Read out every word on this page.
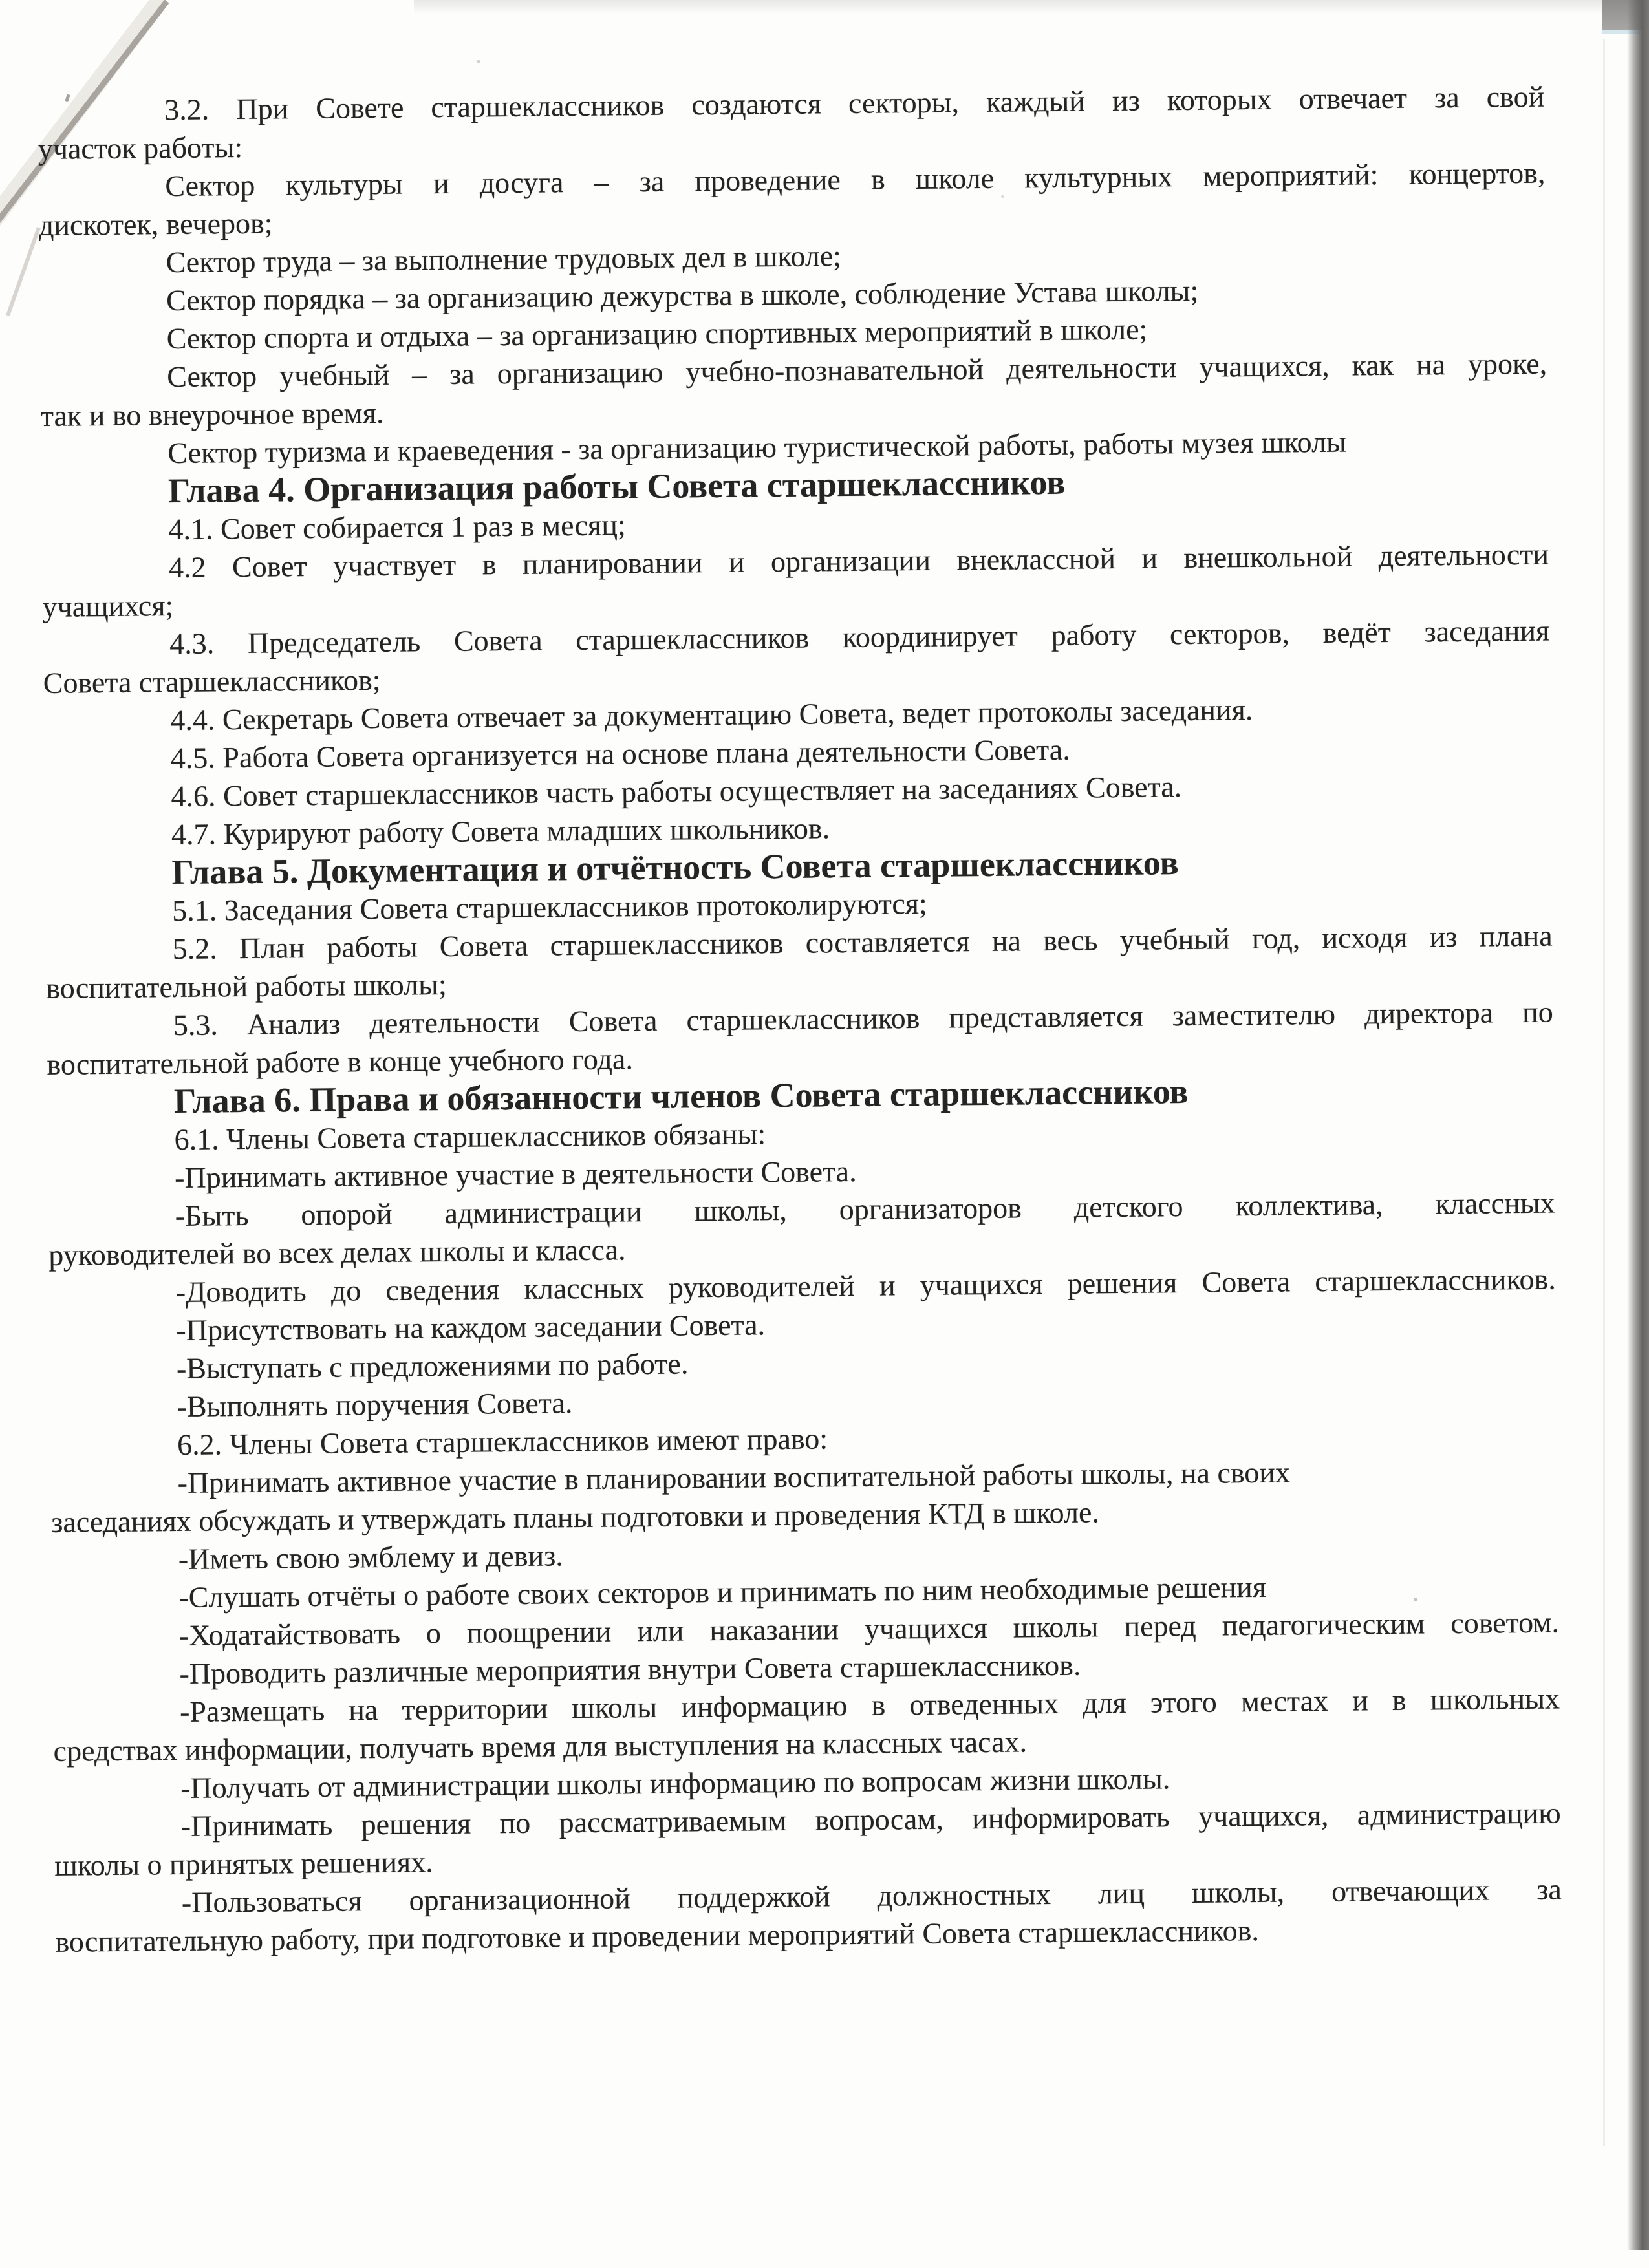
3.2. При Совете старшеклассников создаются секторы, каждый из которых отвечает за свой

участок работы:

Сектор культуры и досуга – за проведение в школе культурных мероприятий: концертов,

дискотек, вечеров;

Сектор труда – за выполнение трудовых дел в школе;

Сектор порядка – за организацию дежурства в школе, соблюдение Устава школы;

Сектор спорта и отдыха – за организацию спортивных мероприятий в школе;

Сектор учебный – за организацию учебно-познавательной деятельности учащихся, как на уроке,

так и во внеурочное время.

Сектор туризма и краеведения - за организацию туристической работы, работы музея школы

Глава 4. Организация работы Совета старшеклассников

4.1. Совет собирается 1 раз в месяц;

4.2 Совет участвует в планировании и организации внеклассной и внешкольной деятельности

учащихся;

4.3. Председатель Совета старшеклассников координирует работу секторов, ведёт заседания

Совета старшеклассников;

4.4. Секретарь Совета отвечает за документацию Совета, ведет протоколы заседания.

4.5. Работа Совета организуется на основе плана деятельности Совета.

4.6. Совет старшеклассников часть работы осуществляет на заседаниях Совета.

4.7. Курируют работу Совета младших школьников.

Глава 5. Документация и отчётность Совета старшеклассников

5.1. Заседания Совета старшеклассников протоколируются;

5.2. План работы Совета старшеклассников составляется на весь учебный год, исходя из плана

воспитательной работы школы;

5.3. Анализ деятельности Совета старшеклассников представляется заместителю директора по

воспитательной работе в конце учебного года.

Глава 6. Права и обязанности членов Совета старшеклассников

6.1. Члены Совета старшеклассников обязаны:

-Принимать активное участие в деятельности Совета.

-Быть опорой администрации школы, организаторов детского коллектива, классных

руководителей во всех делах школы и класса.

-Доводить до сведения классных руководителей и учащихся решения Совета старшеклассников.

-Присутствовать на каждом заседании Совета.

-Выступать с предложениями по работе.

-Выполнять поручения Совета.

6.2. Члены Совета старшеклассников имеют право:

-Принимать активное участие в планировании воспитательной работы школы, на своих

заседаниях обсуждать и утверждать планы подготовки и проведения КТД в школе.

-Иметь свою эмблему и девиз.

-Слушать отчёты о работе своих секторов и принимать по ним необходимые решения

-Ходатайствовать о поощрении или наказании учащихся школы перед педагогическим советом.

-Проводить различные мероприятия внутри Совета старшеклассников.

-Размещать на территории школы информацию в отведенных для этого местах и в школьных

средствах информации, получать время для выступления на классных часах.

-Получать от администрации школы информацию по вопросам жизни школы.

-Принимать решения по рассматриваемым вопросам, информировать учащихся, администрацию

школы о принятых решениях.

-Пользоваться организационной поддержкой должностных лиц школы, отвечающих за

воспитательную работу, при подготовке и проведении мероприятий Совета старшеклассников.
